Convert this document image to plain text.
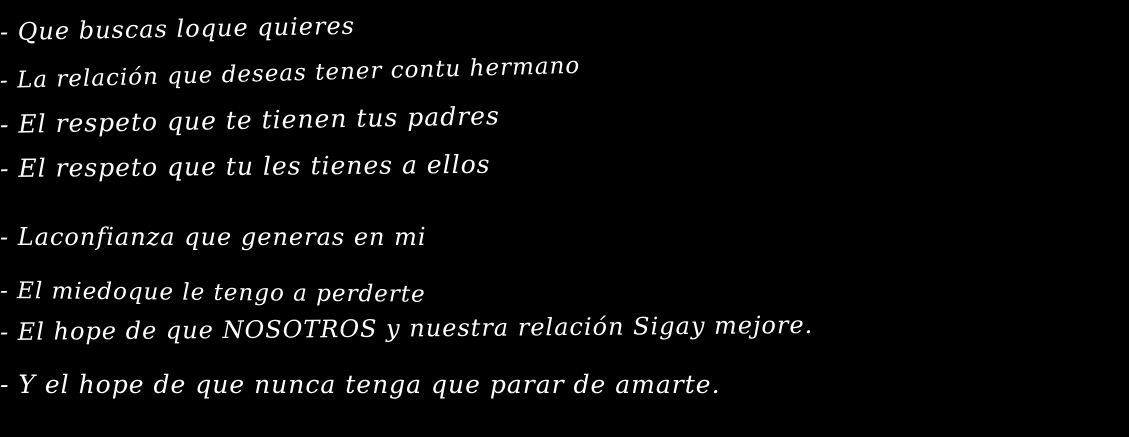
- Que buscas loque quieres

- La relación que deseas tener contu hermano

- El respeto que te tienen tus padres

- El respeto que tu les tienes a ellos

- Laconfianza que generas en mi

- El miedoque le tengo a perderte

- El hope de que NOSOTROS y nuestra relación Sigay mejore.

- Y el hope de que nunca tenga que parar de amarte.
